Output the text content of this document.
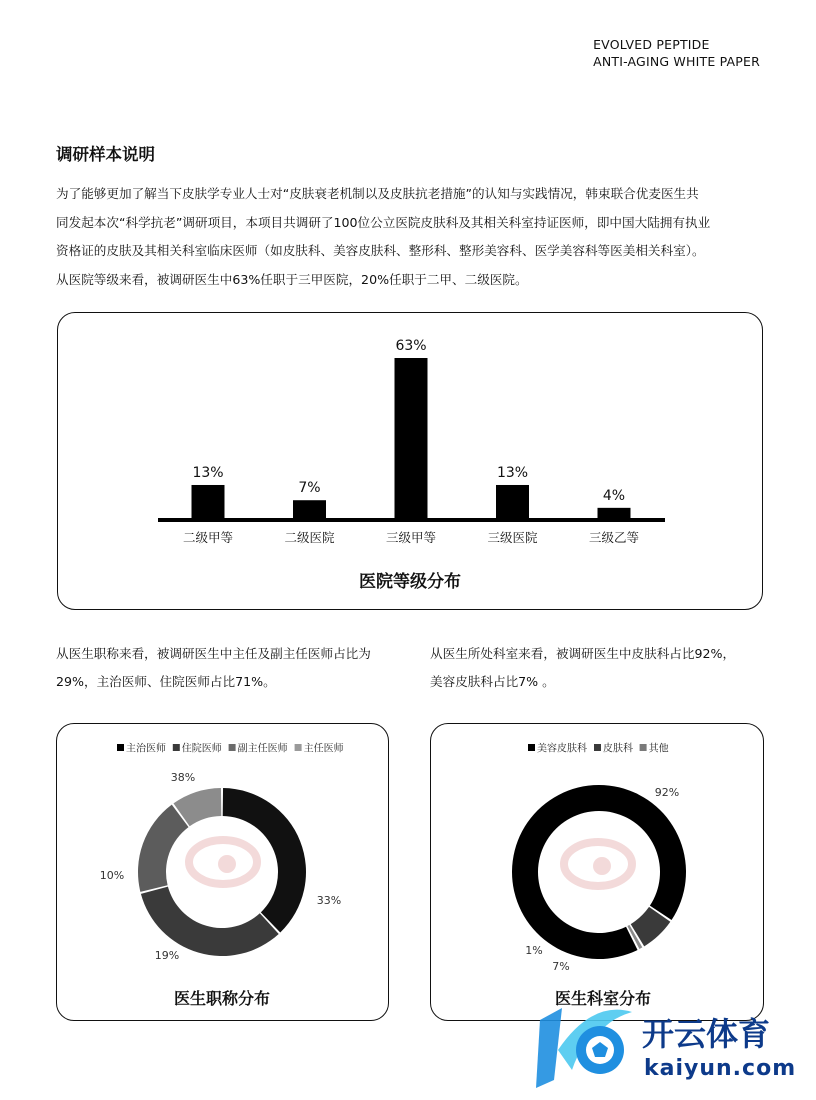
EVOLVED PEPTIDE
ANTI-AGING WHITE PAPER
调研样本说明

为了能够更加了解当下皮肤学专业人士对“皮肤衰老机制以及皮肤抗老措施”的认知与实践情况，韩束联合优麦医生共

同发起本次“科学抗老”调研项目，本项目共调研了100位公立医院皮肤科及其相关科室持证医师，即中国大陆拥有执业

资格证的皮肤及其相关科室临床医师（如皮肤科、美容皮肤科、整形科、整形美容科、医学美容科等医美相关科室）。

从医院等级来看，被调研医生中63%任职于三甲医院，20%任职于二甲、二级医院。

13%
7%
63%
13%
4%
二级甲等	二级医院	三级甲等	三级医院	三级乙等
医院等级分布

从医生职称来看，被调研医生中主任及副主任医师占比为

29%，主治医师、住院医师占比71%。

从医生所处科室来看，被调研医生中皮肤科占比92%，

美容皮肤科占比7% 。

主治医师 住院医师 副主任医师 主任医师
38%
33%
19%
10%
医生职称分布
美容皮肤科 皮肤科 其他
92%
7%
1%
医生科室分布
开云体育
kaiyun.com
